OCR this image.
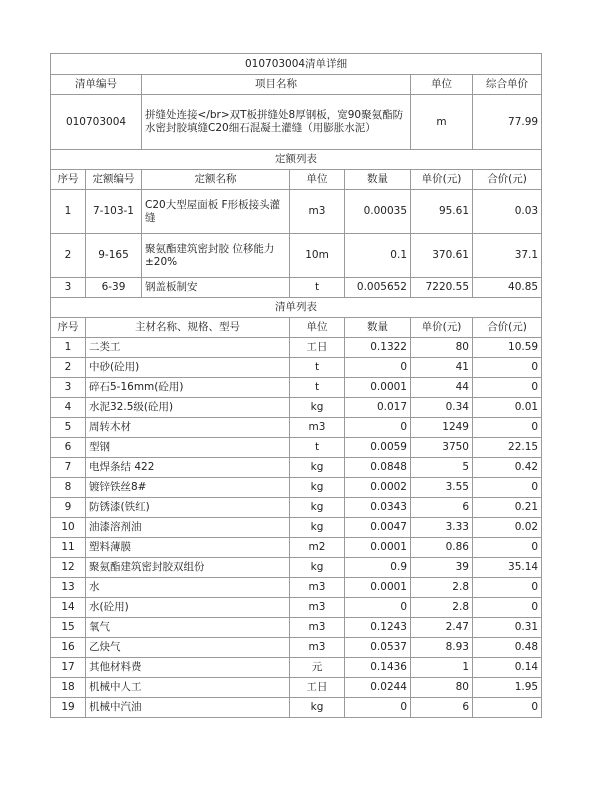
010703004清单详细						
清单编号		项目名称			单位	综合单价
010703004		拼缝处连接</br>双T板拼缝处8厚钢板，宽90聚氨酯防水密封胶填缝C20细石混凝土灌缝（用膨胀水泥）			m	77.99
定额列表						
序号	定额编号	定额名称	单位	数量	单价(元)	合价(元)
1	7-103-1	C20大型屋面板 F形板接头灌缝	m3	0.00035	95.61	0.03
2	9-165	聚氨酯建筑密封胶 位移能力±20%	10m	0.1	370.61	37.1
3	6-39	钢盖板制安	t	0.005652	7220.55	40.85
清单列表						
序号	主材名称、规格、型号		单位	数量	单价(元)	合价(元)
1	二类工		工日	0.1322	80	10.59
2	中砂(砼用)		t	0	41	0
3	碎石5-16mm(砼用)		t	0.0001	44	0
4	水泥32.5级(砼用)		kg	0.017	0.34	0.01
5	周转木材		m3	0	1249	0
6	型钢		t	0.0059	3750	22.15
7	电焊条结 422		kg	0.0848	5	0.42
8	镀锌铁丝8#		kg	0.0002	3.55	0
9	防锈漆(铁红)		kg	0.0343	6	0.21
10	油漆溶剂油		kg	0.0047	3.33	0.02
11	塑料薄膜		m2	0.0001	0.86	0
12	聚氨酯建筑密封胶双组份		kg	0.9	39	35.14
13	水		m3	0.0001	2.8	0
14	水(砼用)		m3	0	2.8	0
15	氧气		m3	0.1243	2.47	0.31
16	乙炔气		m3	0.0537	8.93	0.48
17	其他材料费		元	0.1436	1	0.14
18	机械中人工		工日	0.0244	80	1.95
19	机械中汽油		kg	0	6	0
